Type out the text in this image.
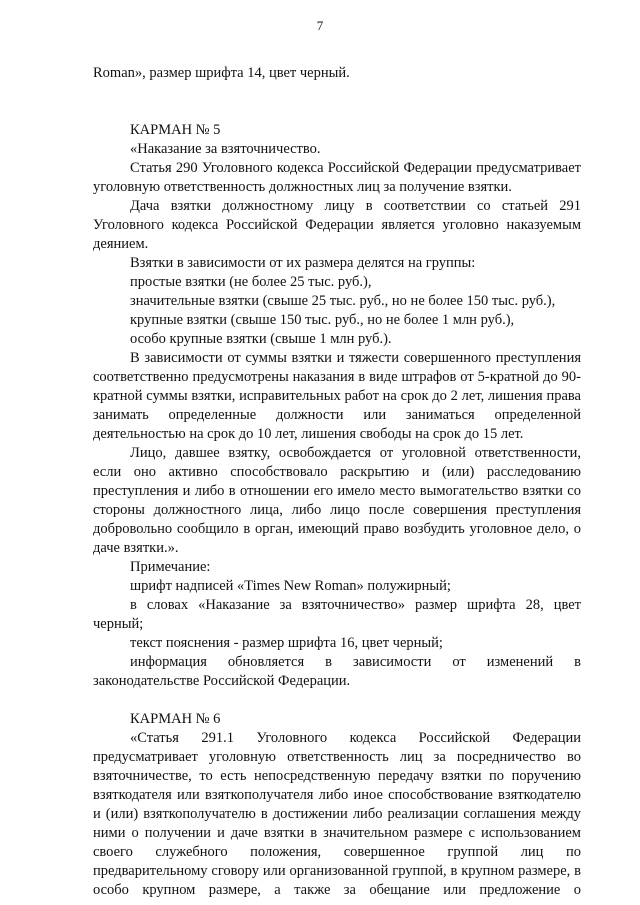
7

Roman», размер шрифта 14, цвет черный.

КАРМАН № 5

«Наказание за взяточничество.

Статья 290 Уголовного кодекса Российской Федерации предусматривает уголовную ответственность должностных лиц за получение взятки.

Дача взятки должностному лицу в соответствии со статьей 291 Уголовного кодекса Российской Федерации является уголовно наказуемым деянием.

Взятки в зависимости от их размера делятся на группы:

простые взятки (не более 25 тыс. руб.),

значительные взятки (свыше 25 тыс. руб., но не более 150 тыс. руб.),

крупные взятки (свыше 150 тыс. руб., но не более 1 млн руб.),

особо крупные взятки (свыше 1 млн руб.).

В зависимости от суммы взятки и тяжести совершенного преступления соответственно предусмотрены наказания в виде штрафов от 5-кратной до 90-кратной суммы взятки, исправительных работ на срок до 2 лет, лишения права занимать определенные должности или заниматься определенной деятельностью на срок до 10 лет, лишения свободы на срок до 15 лет.

Лицо, давшее взятку, освобождается от уголовной ответственности, если оно активно способствовало раскрытию и (или) расследованию преступления и либо в отношении его имело место вымогательство взятки со стороны должностного лица, либо лицо после совершения преступления добровольно сообщило в орган, имеющий право возбудить уголовное дело, о даче взятки.».

Примечание:

шрифт надписей «Times New Roman» полужирный;

в словах «Наказание за взяточничество» размер шрифта 28, цвет черный;

текст пояснения - размер шрифта 16, цвет черный;

информация обновляется в зависимости от изменений в законодательстве Российской Федерации.

КАРМАН № 6

«Статья 291.1 Уголовного кодекса Российской Федерации предусматривает уголовную ответственность лиц за посредничество во взяточничестве, то есть непосредственную передачу взятки по поручению взяткодателя или взяткополучателя либо иное способствование взяткодателю и (или) взяткополучателю в достижении либо реализации соглашения между ними о получении и даче взятки в значительном размере с использованием своего служебного положения, совершенное группой лиц по предварительному сговору или организованной группой, в крупном размере, в особо крупном размере, а также за обещание или предложение о
